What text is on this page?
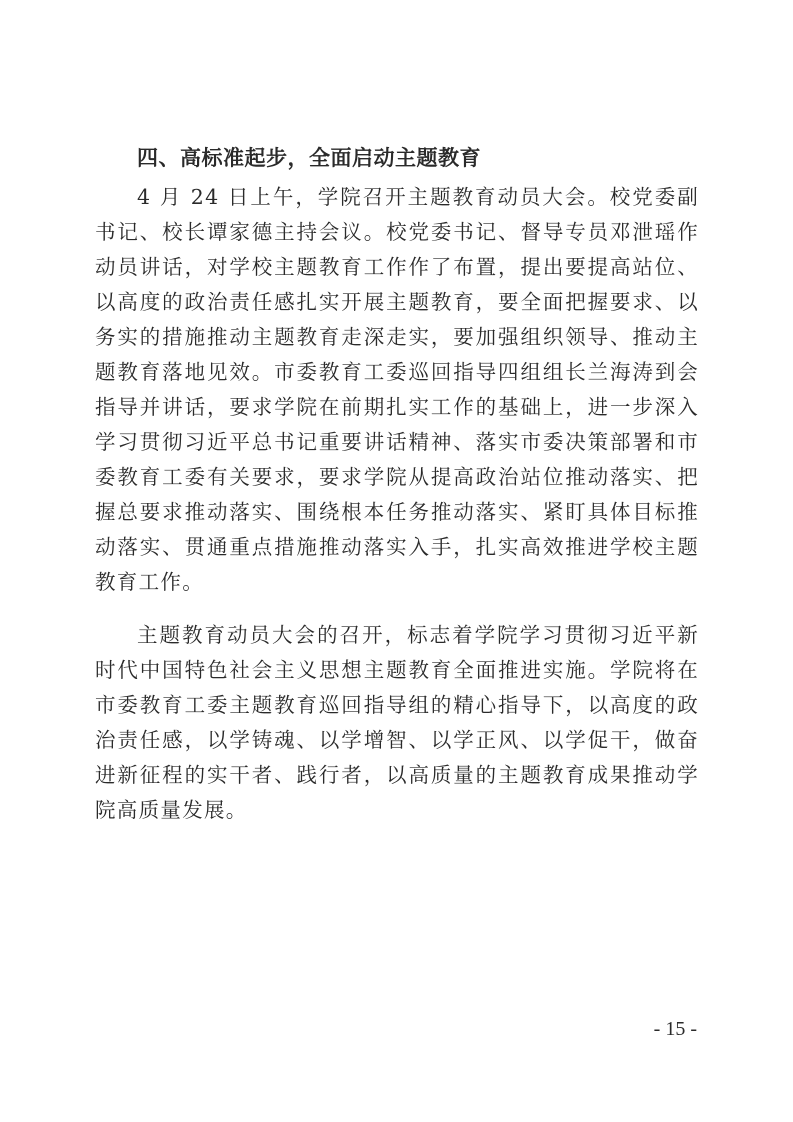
四、高标准起步，全面启动主题教育

4 月 24 日上午，学院召开主题教育动员大会。校党委副书记、校长谭家德主持会议。校党委书记、督导专员邓泄瑶作动员讲话，对学校主题教育工作作了布置，提出要提高站位、以高度的政治责任感扎实开展主题教育，要全面把握要求、以务实的措施推动主题教育走深走实，要加强组织领导、推动主题教育落地见效。市委教育工委巡回指导四组组长兰海涛到会指导并讲话，要求学院在前期扎实工作的基础上，进一步深入学习贯彻习近平总书记重要讲话精神、落实市委决策部署和市委教育工委有关要求，要求学院从提高政治站位推动落实、把握总要求推动落实、围绕根本任务推动落实、紧盯具体目标推动落实、贯通重点措施推动落实入手，扎实高效推进学校主题教育工作。

主题教育动员大会的召开，标志着学院学习贯彻习近平新时代中国特色社会主义思想主题教育全面推进实施。学院将在市委教育工委主题教育巡回指导组的精心指导下，以高度的政治责任感，以学铸魂、以学增智、以学正风、以学促干，做奋进新征程的实干者、践行者，以高质量的主题教育成果推动学院高质量发展。

- 15 -
